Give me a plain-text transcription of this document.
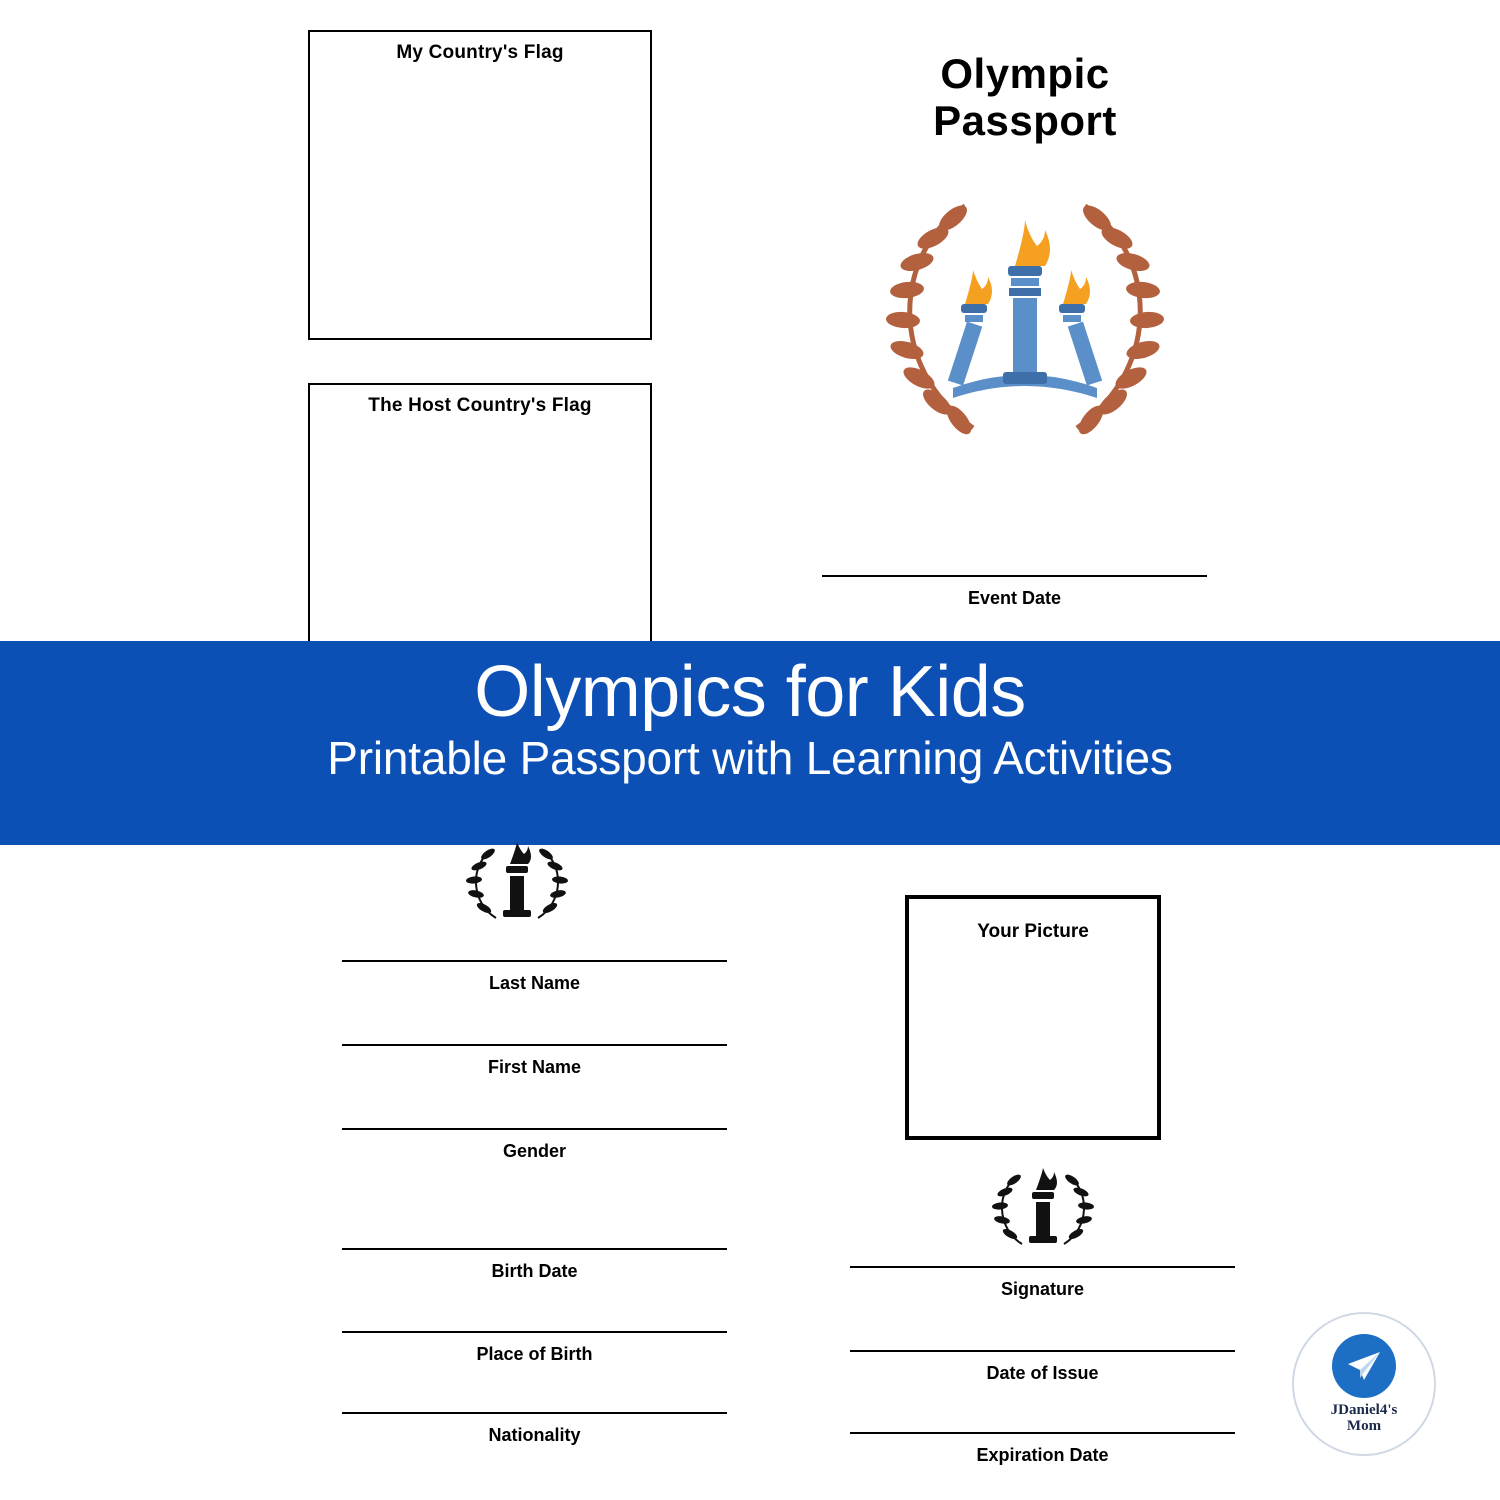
My Country's Flag
The Host Country's Flag
Olympic
Passport
Event Date
Olympics for Kids
Printable Passport with Learning Activities
Last Name
First Name
Gender
Birth Date
Place of Birth
Nationality
Your Picture
Signature
Date of Issue
Expiration Date
JDaniel4's
Mom
